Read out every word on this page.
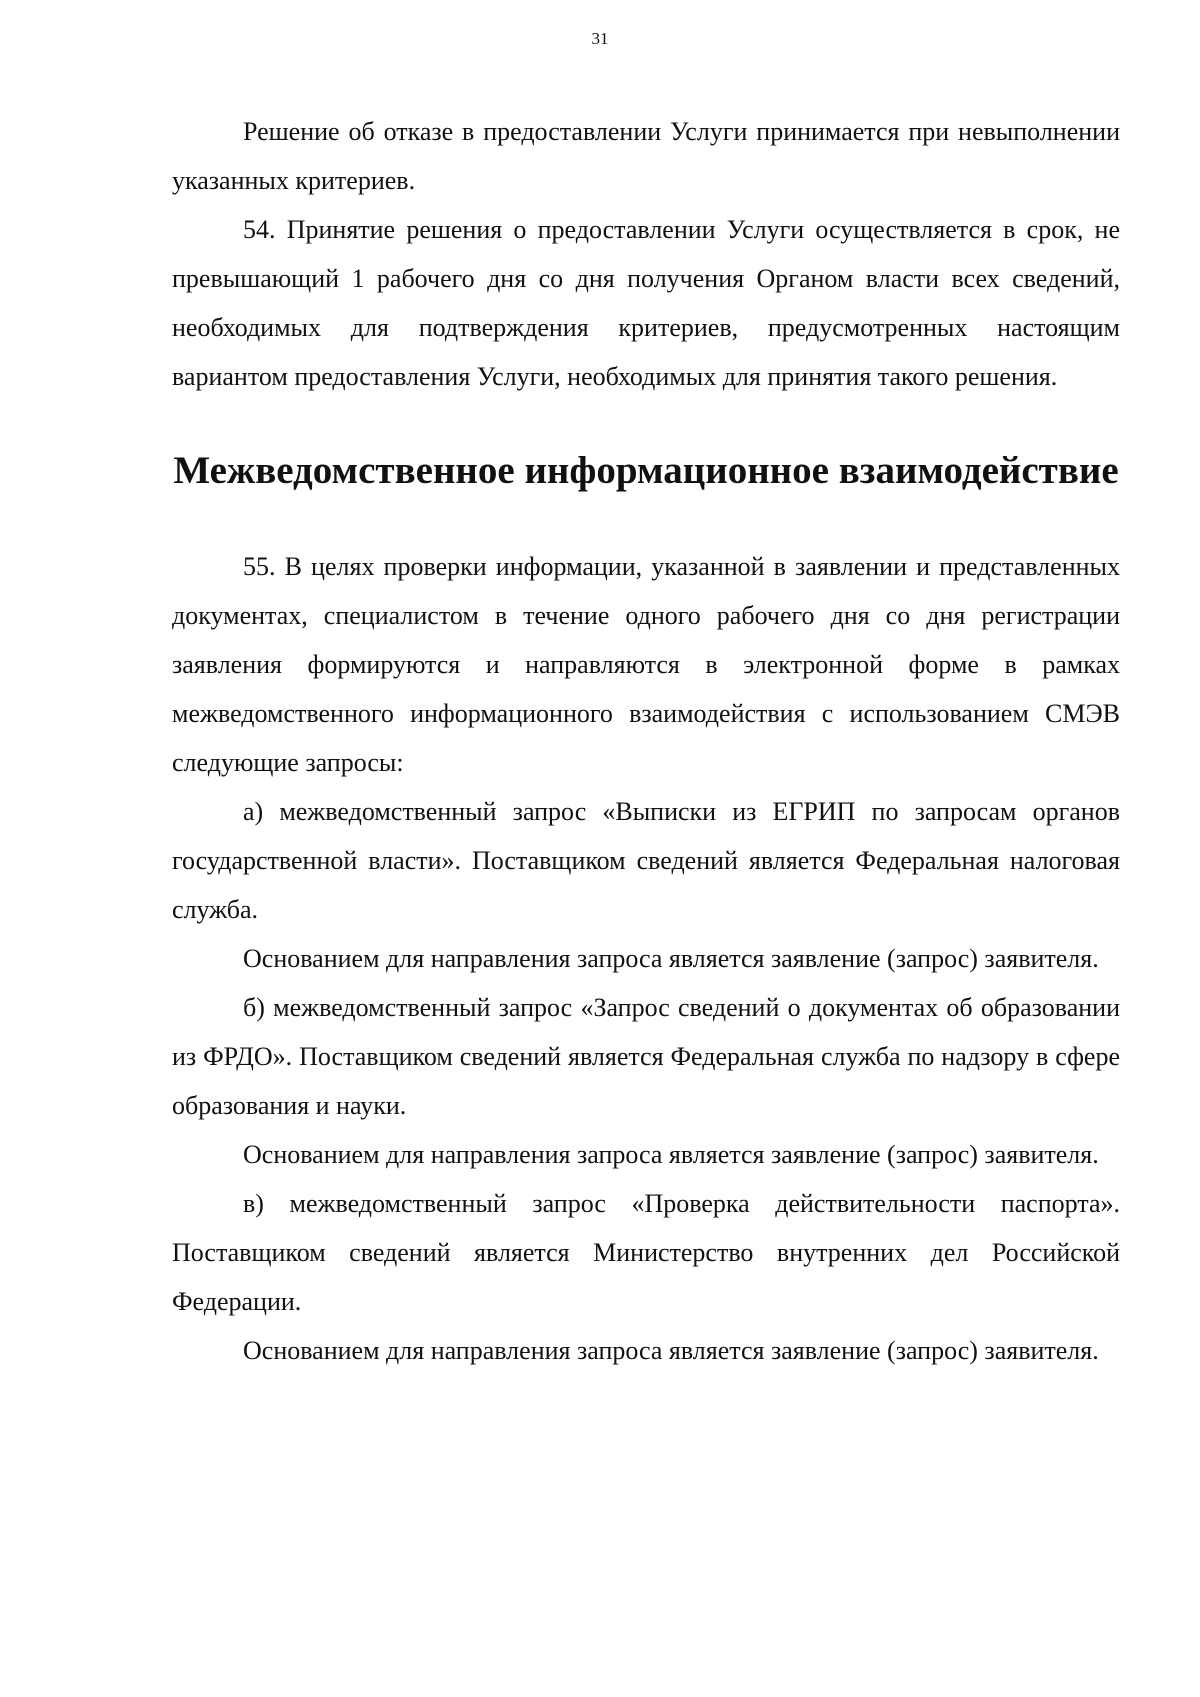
31

Решение об отказе в предоставлении Услуги принимается при невыполнении указанных критериев.

54. Принятие решения о предоставлении Услуги осуществляется в срок, не превышающий 1 рабочего дня со дня получения Органом власти всех сведений, необходимых для подтверждения критериев, предусмотренных настоящим вариантом предоставления Услуги, необходимых для принятия такого решения.

Межведомственное информационное взаимодействие

55. В целях проверки информации, указанной в заявлении и представленных документах, специалистом в течение одного рабочего дня со дня регистрации заявления формируются и направляются в электронной форме в рамках межведомственного информационного взаимодействия с использованием СМЭВ следующие запросы:

а) межведомственный запрос «Выписки из ЕГРИП по запросам органов государственной власти». Поставщиком сведений является Федеральная налоговая служба.

Основанием для направления запроса является заявление (запрос) заявителя.

б) межведомственный запрос «Запрос сведений о документах об образовании из ФРДО». Поставщиком сведений является Федеральная служба по надзору в сфере образования и науки.

Основанием для направления запроса является заявление (запрос) заявителя.

в) межведомственный запрос «Проверка действительности паспорта». Поставщиком сведений является Министерство внутренних дел Российской Федерации.

Основанием для направления запроса является заявление (запрос) заявителя.
